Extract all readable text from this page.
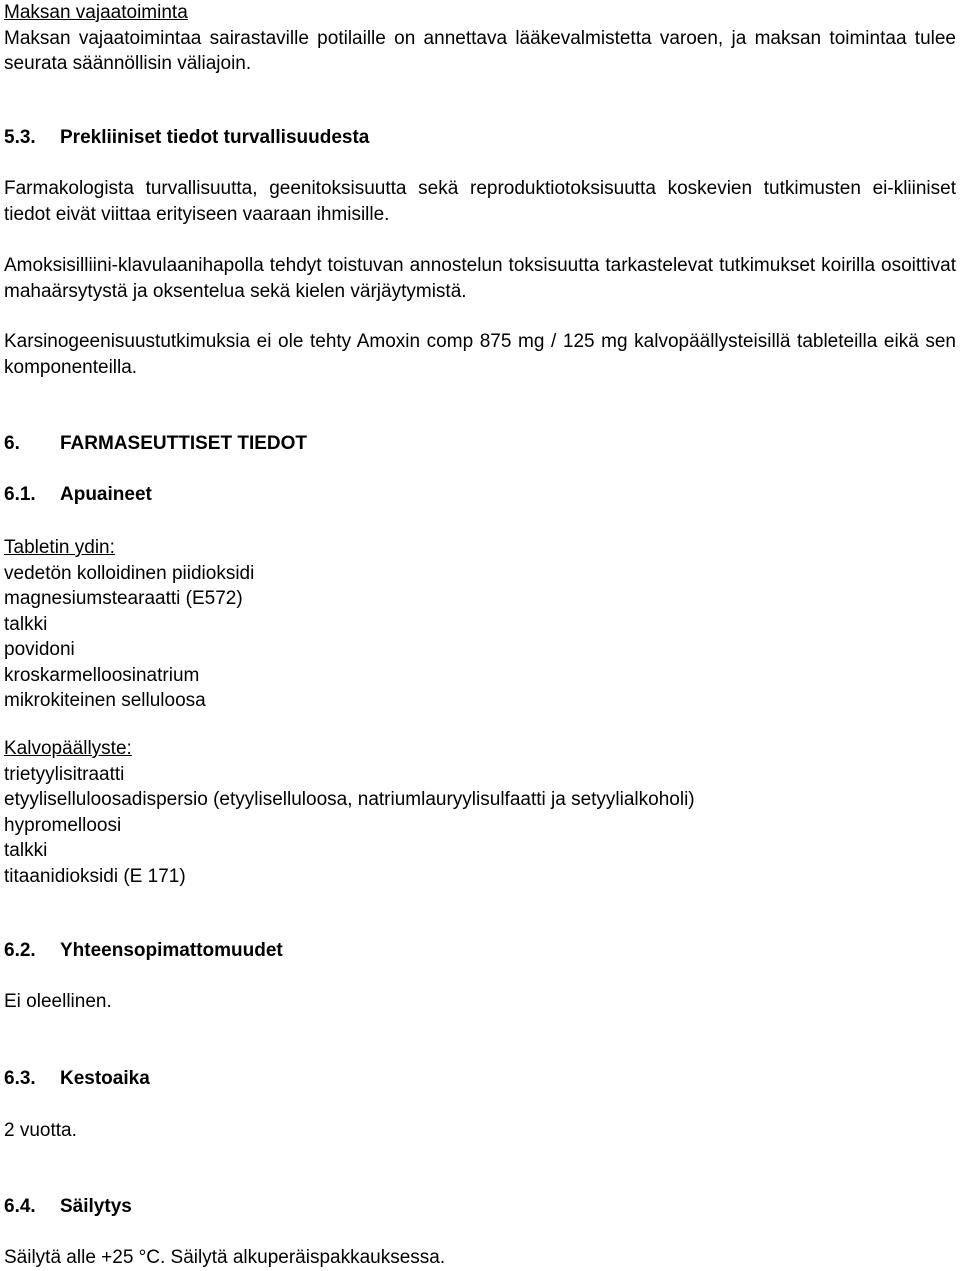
Maksan vajaatoiminta
Maksan vajaatoimintaa sairastaville potilaille on annettava lääkevalmistetta varoen, ja maksan toimintaa tulee seurata säännöllisin väliajoin.
5.3. Prekliiniset tiedot turvallisuudesta
Farmakologista turvallisuutta, geenitoksisuutta sekä reproduktiotoksisuutta koskevien tutkimusten ei-kliiniset tiedot eivät viittaa erityiseen vaaraan ihmisille.
Amoksisilliini-klavulaanihapolla tehdyt toistuvan annostelun toksisuutta tarkastelevat tutkimukset koirilla osoittivat mahaärsytystä ja oksentelua sekä kielen värjäytymistä.
Karsinogeenisuustutkimuksia ei ole tehty Amoxin comp 875 mg / 125 mg kalvopäällysteisillä tableteilla eikä sen komponenteilla.
6. FARMASEUTTISET TIEDOT
6.1. Apuaineet
Tabletin ydin:
vedetön kolloidinen piidioksidi
magnesiumstearaatti (E572)
talkki
povidoni
kroskarmelloosinatrium
mikrokiteinen selluloosa
Kalvopäällyste:
trietyylisitraatti
etyyliselluloosadispersio (etyyliselluloosa, natriumlauryylisulfaatti ja setyylialkoholi)
hypromelloosi
talkki
titaanidioksidi (E 171)
6.2. Yhteensopimattomuudet
Ei oleellinen.
6.3. Kestoaika
2 vuotta.
6.4. Säilytys
Säilytä alle +25 °C. Säilytä alkuperäispakkauksessa.
